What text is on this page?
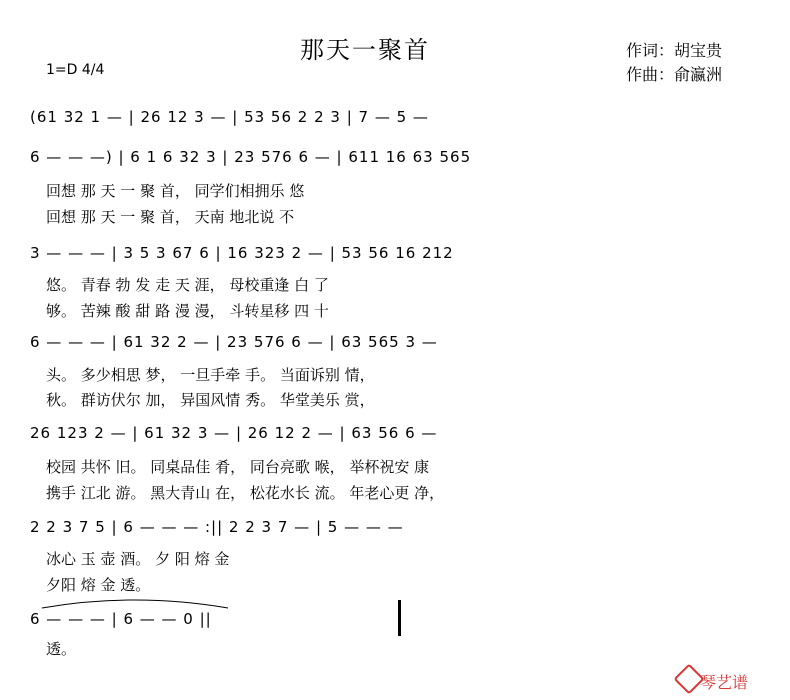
那天一聚首	作词：胡宝贵
作曲：俞瀛洲
1=D 4/4
(61 32 1 — | 26 12 3 — | 53 56 2 2 3 | 7 — 5 —
6 — — —) | 6 1 6 32 3 | 23 576 6 — | 611 16 63 565
回想 那 天 一 聚 首， 同学们相拥乐 悠
回想 那 天 一 聚 首， 天南 地北说 不
3 — — — | 3 5 3 67 6 | 16 323 2 — | 53 56 16 212
悠。 青春 勃 发 走 天 涯， 母校重逢 白 了
够。 苦辣 酸 甜 路 漫 漫， 斗转星移 四 十
6 — — — | 61 32 2 — | 23 576 6 — | 63 565 3 —
头。 多少相思 梦， 一旦手牵 手。 当面诉别 情，
秋。 群访伏尔 加， 异国风情 秀。 华堂美乐 赏，
26 123 2 — | 61 32 3 — | 26 12 2 — | 63 56 6 —
校园 共怀 旧。 同桌品佳 肴， 同台亮歌 喉， 举杯祝安 康
携手 江北 游。 黑大青山 在， 松花水长 流。 年老心更 净，
2 2 3 7 5 | 6 — — — :|| 2 2 3 7 — | 5 — — —
冰心 玉 壶 酒。 夕 阳 熔 金
夕阳 熔 金 透。
6 — — — | 6 — — 0 ||
透。
琴艺谱
